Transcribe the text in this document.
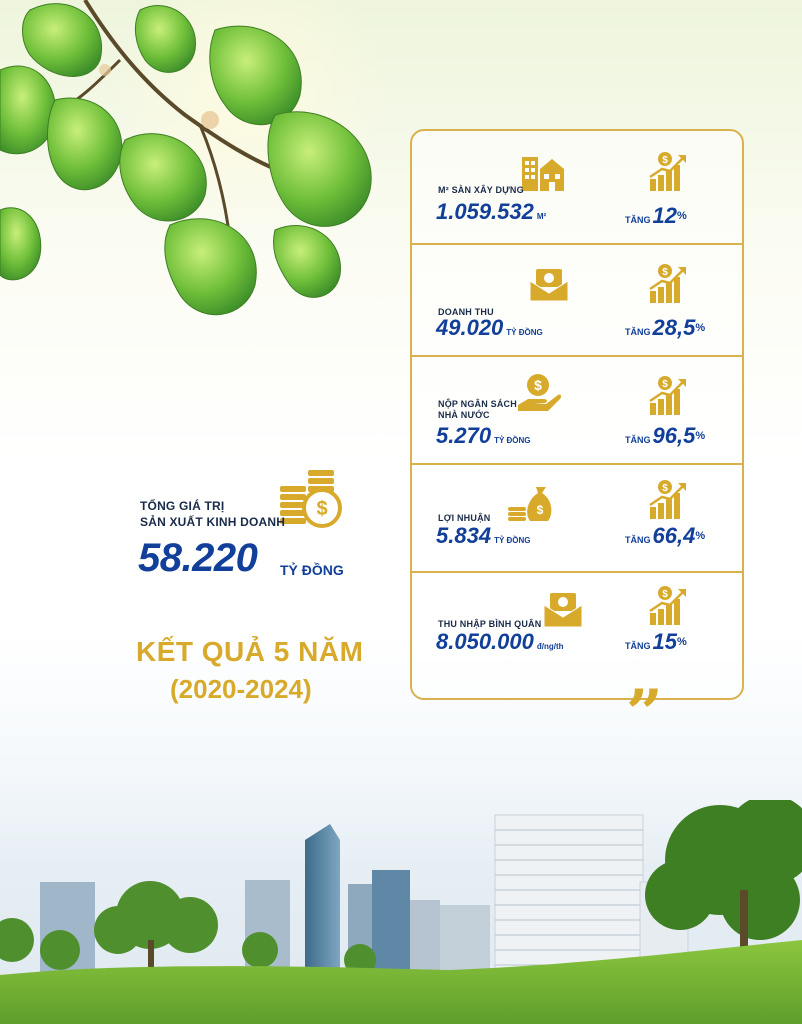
$
TỔNG GIÁ TRỊ
SẢN XUẤT KINH DOANH
58.220 TỶ ĐỒNG
KẾT QUẢ 5 NĂM
(2020-2024)
M² SÀN XÂY DỰNG
1.059.532 M²
$
TĂNG12%
DOANH THU
49.020 TỶ ĐỒNG
$
TĂNG28,5%
$
NỘP NGÂN SÁCH
NHÀ NƯỚC
5.270 TỶ ĐỒNG
$
TĂNG96,5%
$
LỢI NHUẬN
5.834 TỶ ĐỒNG
$
TĂNG66,4%
THU NHẬP BÌNH QUÂN
8.050.000 đ/ng/th
$
TĂNG15%
”
